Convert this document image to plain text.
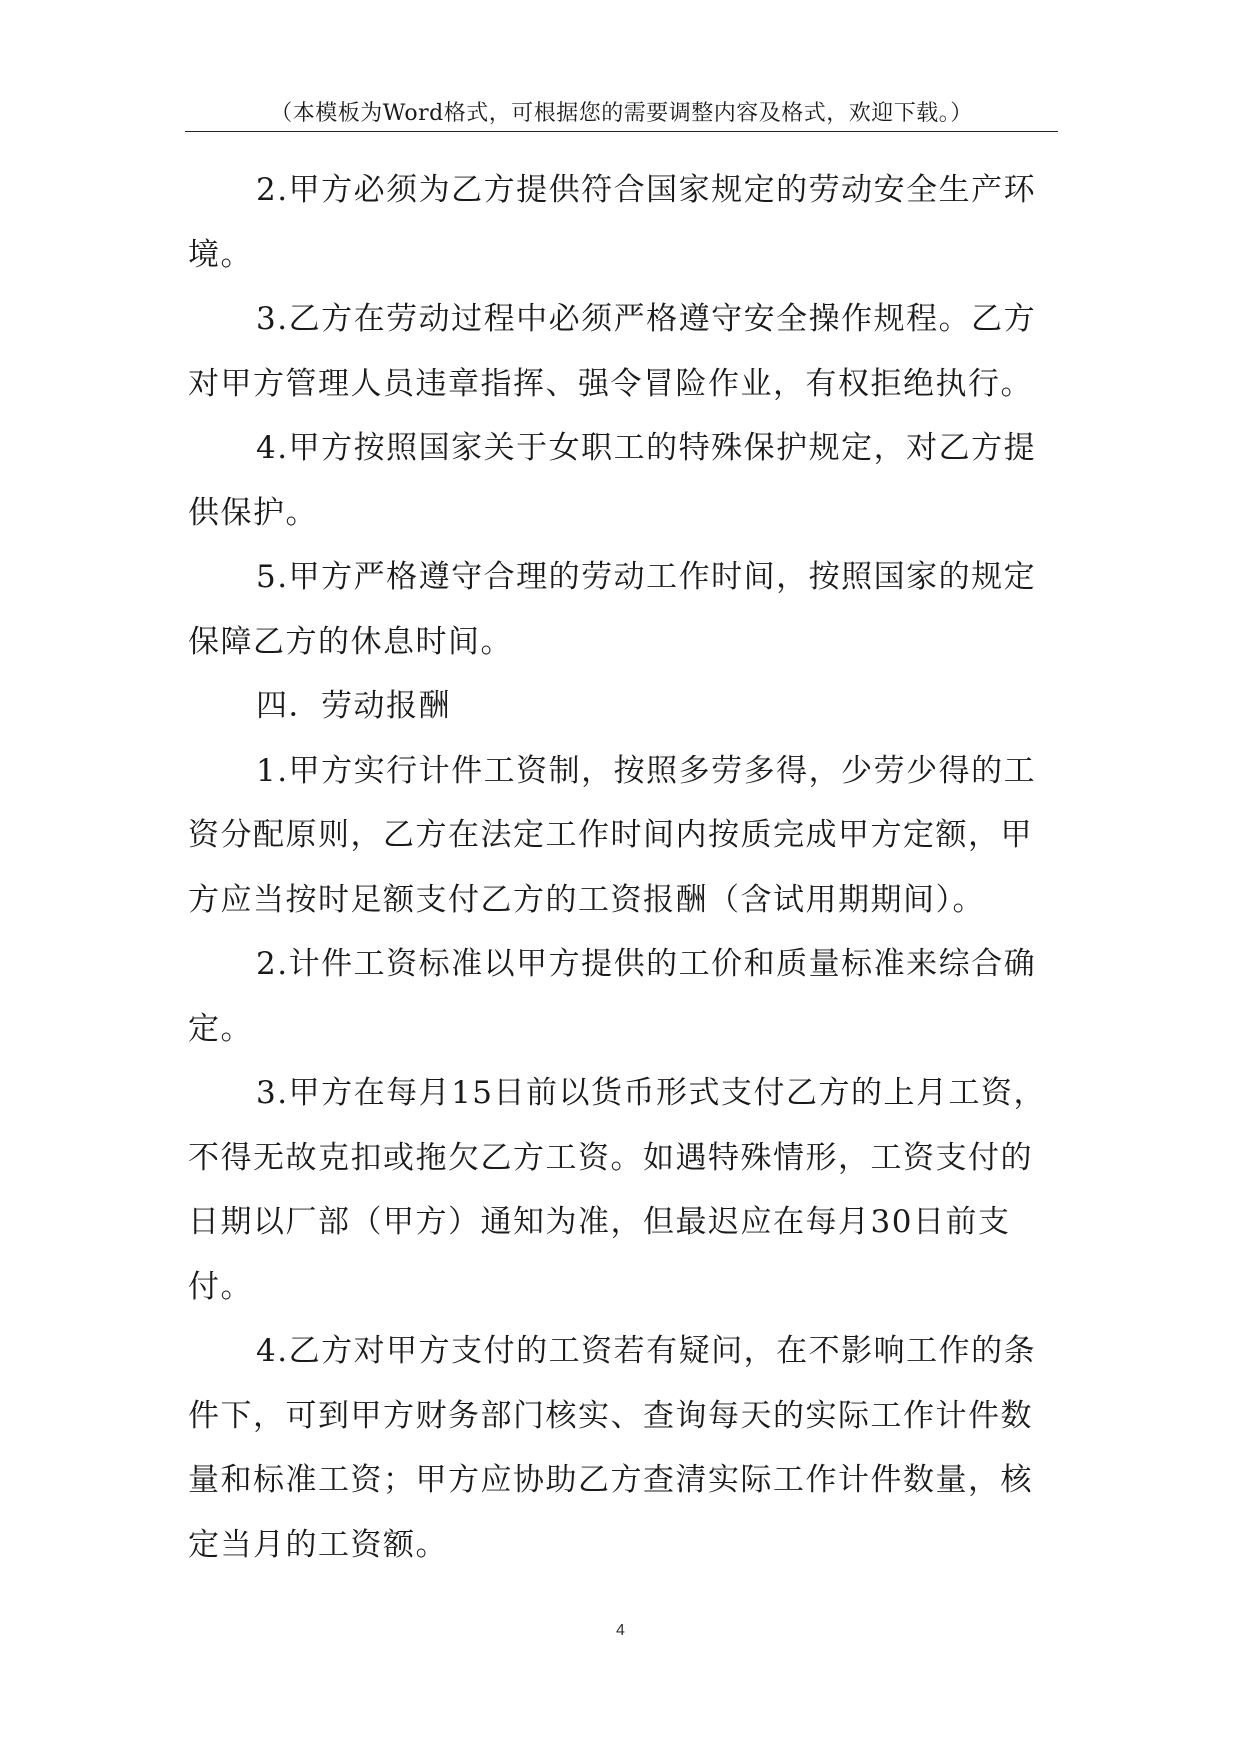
（本模板为Word格式，可根据您的需要调整内容及格式，欢迎下载。）

2.甲方必须为乙方提供符合国家规定的劳动安全生产环境。

3.乙方在劳动过程中必须严格遵守安全操作规程。乙方对甲方管理人员违章指挥、强令冒险作业，有权拒绝执行。

4.甲方按照国家关于女职工的特殊保护规定，对乙方提供保护。

5.甲方严格遵守合理的劳动工作时间，按照国家的规定保障乙方的休息时间。

四．劳动报酬

1.甲方实行计件工资制，按照多劳多得，少劳少得的工资分配原则，乙方在法定工作时间内按质完成甲方定额，甲方应当按时足额支付乙方的工资报酬（含试用期期间）。

2.计件工资标准以甲方提供的工价和质量标准来综合确定。

3.甲方在每月15日前以货币形式支付乙方的上月工资，不得无故克扣或拖欠乙方工资。如遇特殊情形，工资支付的日期以厂部（甲方）通知为准，但最迟应在每月30日前支付。

4.乙方对甲方支付的工资若有疑问，在不影响工作的条件下，可到甲方财务部门核实、查询每天的实际工作计件数量和标准工资；甲方应协助乙方查清实际工作计件数量，核定当月的工资额。

4
